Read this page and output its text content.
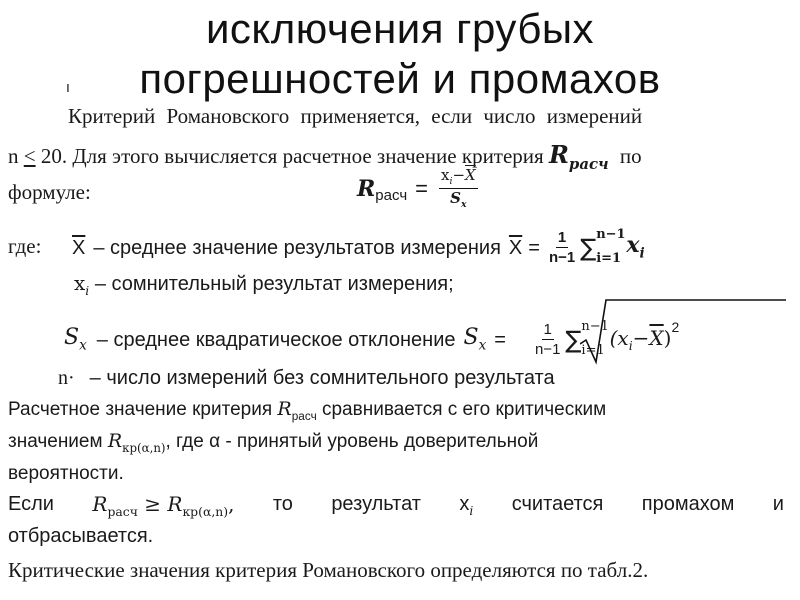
исключения грубых
погрешностей и промахов
ı
Критерий Романовского применяется, если число измерений
n < 20. Для этого вычисляется расчетное значение критерия $R_{расч}$ по
формуле:	R расч = $\frac{x_i-\overline{X}}{S_x}$
где: $\overline{X}$ – среднее значение результатов измерения $\overline{X} = \frac{1}{n-1}$ ∑ n−1
i=1
$x_i$
$x_i$ – сомнительный результат измерения;
$S_x$ – среднее квадратическое отклонение $S_x = \frac{1}{n-1}$ ∑ n−1
i=1
$(x_i-\overline{X})$ 2
n· – число измерений без сомнительного результата
Расчетное значение критерия $R_{расч}$ сравнивается с его критическим
значением $R_{кр(\alpha,n)}$, где α - принятый уровень доверительной
вероятности.
Если $R_{расч} \ge R_{кр(\alpha,n)}$, то результат $x_i$ считается промахом и
отбрасывается.
Критические значения критерия Романовского определяются по табл.2.
